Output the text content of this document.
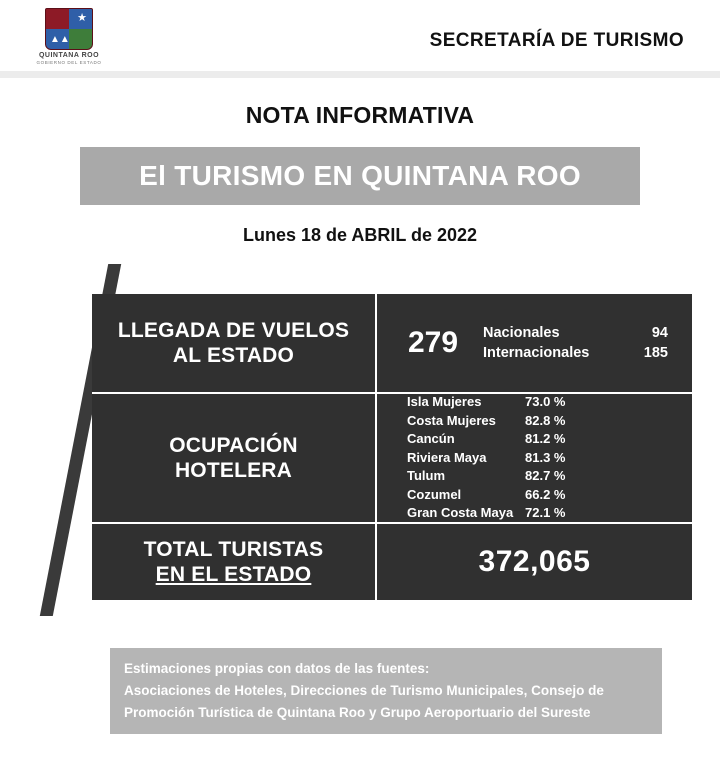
★
▲▲
QUINTANA ROO
GOBIERNO DEL ESTADO
SECRETARÍA DE TURISMO
NOTA INFORMATIVA
El TURISMO EN QUINTANA ROO
Lunes 18 de ABRIL de 2022
LLEGADA DE VUELOS
AL ESTADO	279	Nacionales	94
Internacionales	185
OCUPACIÓN
HOTELERA
Isla Mujeres	73.0 %
Costa Mujeres	82.8 %
Cancún	81.2 %
Riviera Maya	81.3 %
Tulum	82.7 %
Cozumel	66.2 %
Gran Costa Maya 72.1 %
TOTAL TURISTAS
EN EL ESTADO	372,065
Estimaciones propias con datos de las fuentes:
Asociaciones de Hoteles, Direcciones de Turismo Municipales, Consejo de
Promoción Turística de Quintana Roo y Grupo Aeroportuario del Sureste
